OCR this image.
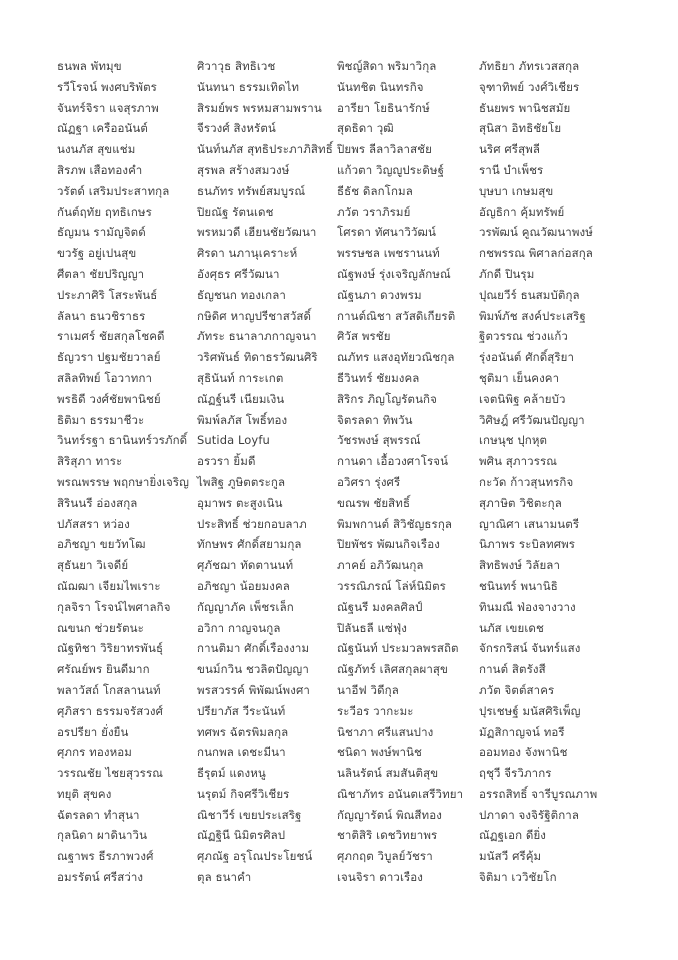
ธนพล พัทมุข
รวีโรจน์ พงศบริพัตร
จันทร์จิรา แจสุรภาพ
ณัฏฐา เครืออนันต์
นงนภัส สุขแช่ม
สิรภพ เสือทองคำ
วรัตด์ เสริมประสาทกุล
กันต์ฤทัย ฤทธิเกษร
ธัญมน รามัญจิตด์
ขวรัฐ อยู่เปนสุข
ศีตลา ชัยปริญญา
ประภาศิริ โสระพันธ์
ลัลนา ธนวชิราธร
ราเมศร์ ชัยสกุลโชคดี
ธัญวรา ปฐมชัยวาลย์
สลิลทิพย์ โอวาทกา
พรธิดี วงศ์ชัยพานิชย์
ธิติมา ธรรมาชีวะ
วินทร์รฐา ธานินทร์วรภักดิ์
สิริสุภา ทาระ
พรณพรรษ พฤกษายิ่งเจริญ
สิรินนรี อ่องสกุล
ปภัสสรา หว่อง
อภิชญา ขยวัทโฒ
สุธันยา วิเจดีย์
ณัฌฒา เจียมไพเราะ
กุลจิรา โรจน์ไพศาลกิจ
ณขนก ช่วยรัตนะ
ณัฐทิชา วิริยาทรพันธุ์
ศรัณย์พร ยินดีมาก
พลาวัสถ์ โกสลานนท์
ศุภิสรา ธรรมจรัสวงศ์
อรปรียา ยั่งยืน
ศุภกร ทองหอม
วรรณชัย ไชยสุวรรณ
ทยุติ สุขคง
ฉัตรลดา ทำสุนา
กุลนิดา ผาดินาวิน
ณฐาพร ธีรภาพวงศ์
อมรรัตน์ ศรีสว่าง
ศิวาวุธ สิทธิเวช
นันทนา ธรรมเทิดไท
สิรมย์พร พรหมสามพราน
จีรวงศ์ สิงหรัตน์
นันท์นภัส สุทธิประภาภิสิทธิ์
สุรพล สร้างสมวงษ์
ธนภัทร ทรัพย์สมบูรณ์
ปิยณัฐ รัตนเดช
พรหมวดี เฮียนชัยวัฒนา
ศิรดา นภานุเคราะห์
อังศุธร ศรีวัฒนา
ธัญชนก ทองเกลา
กษิดิศ หาญปรีชาสวัสดิ์
ภัทระ ธนาลาภกาญจนา
วริศพันธ์ ทิดาธรวัฒนศิริ
สุธินันท์ การะเกต
ณัฏฐ์นรี เนียมเงิน
พิมพ์ลภัส โพธิ์ทอง
Sutida Loyfu
อรวรา ยิ้มดี
ไพสิฐ ภูษิตตระกูล
อุมาพร ตะสูงเนิน
ประสิทธิ์ ช่วยกอบลาภ
ทักษพร ศักดิ์สยามกุล
ศุภัชฌา ทัดตานนท์
อภิชญา น้อยมงคล
กัญญาภัค เพ็ชรเล็ก
อวิกา กาญจนกูล
กานติมา ศักดิ์เรืองงาม
ขนม์กวิน ชวลิตปัญญา
พรสวรรค์ พิพัฒน์พงศา
ปรียาภัส วีระนันท์
ทศพร ฉัตรพิมลกุล
กนกพล เดชะมีนา
ธีรุตม์ แดงหนู
นรุตม์ กิจศรีวิเชียร
ณิชาวีร์ เขยประเสริฐ
ณัฏฐินี นิมิตรศิลป
ศุภณัฐ อรุโณประโยชน์
ตุล ธนาคำ
พิชญ์สิดา พริมาวิกุล
นันทชิต นินทรกิจ
อารียา โยธินารักษ์
สุดธิดา วุฒิ
ปิยพร ลีลาวิลาสชัย
แก้วตา วิญญูประดิษฐ์
ธีธัช ดิลกโกมล
ภวัต วราภิรมย์
โศรดา ทัศนาวิวัฒน์
พรรษชล เพชรานนท์
ณัฐพงษ์ รุ่งเจริญลักษณ์
ณัฐนภา ดวงพรม
กานต์ณิชา สวัสดิเกียรติ
ศิวัส พรชัย
ณภัทร แสงอุทัยวณิชกุล
ธีวินทร์ ชัยมงคล
สิริกร ภิญโญรัตนกิจ
จิตรลดา ทิพวัน
วัชรพงษ์ สุพรรณ์
กานดา เอื้อวงศาโรจน์
อวิศรา รุ่งศรี
ขณรพ ชัยสิทธิ์
พิมพกานต์ สิวิชัญธรกุล
ปิยพัชร พัฒนกิจเรือง
ภาคย์ อภิวัฒนกุล
วรรณิภรณ์ โล่ห์นิมิตร
ณัฐนรี มงคลศิลป์
ปิลันธลี แซ่ฟุ่ง
ณัฐนันท์ ประมวลพรสถิต
ณัฐภัทร์ เลิศสกุลผาสุข
นาอีฟ วิดีกุล
ระวีอร วากะมะ
นิชาภา ศรีแสนปาง
ชนิดา พงษ์พานิช
นลินรัตน์ สมสันติสุข
ณิชาภัทร อนันตเสรีวิทยา
กัญญารัตน์ พิณสีทอง
ชาติสิริ เดชวิทยาพร
ศุภกฤต วิบูลย์วัชรา
เจนจิรา ดาวเรือง
ภัทธิยา ภัทรเวสสกุล
จุฑาทิพย์ วงศ์วิเชียร
ธันยพร พานิชสมัย
สุนิสา อิทธิชัยโย
นริศ ศรีสุพลี
รานี บำเพ็ชร
บุษบา เกษมสุข
อัญธิกา คุ้มทรัพย์
วรพัฒน์ คูณวัฒนาพงษ์
กชพรรณ พิศาลก่อสกุล
ภักดี ปินรุม
ปุณยวีร์ ธนสมบัติกุล
พิมพ์ภัช สงค์ประเสริฐ
ฐิตวรรณ ช่วงแก้ว
รุ่งอนันต์ ศักดิ์สุริยา
ชุติมา เย็นคงคา
เจตนิพิฐ คล้ายบัว
วิศิษฎ์ ศรีวัฒนปัญญา
เกษนุช ปุกหุต
พศิน สุภาวรรณ
กะวัด ก้าวสุนทรกิจ
สุภาษิต วิชิตะกุล
ญาณิศา เสนามนตรี
นิภาพร ระบิลทศพร
สิทธิพงษ์ วิลัยลา
ชนินทร์ พนานิธิ
ทินมณี ฟ่องจางวาง
นภัส เขยเดช
จักรกริสน์ จันทร์แสง
กานต์ สิตรังสี
ภวัต จิตต์สาคร
ปุรเชษฐ์ มนัสศิริเพ็ญ
มัฏสิกาญจน์ ทอรี
ออมทอง จังพานิช
ฤชุวี จีรวิภากร
อรรถสิทธิ์ จารีบูรณภาพ
ปภาดา จงจิรัฐิติกาล
ณัฏฐเอก ดียิ่ง
มนัสวี ศรีคุ้ม
จิติมา เววิชัยโก
